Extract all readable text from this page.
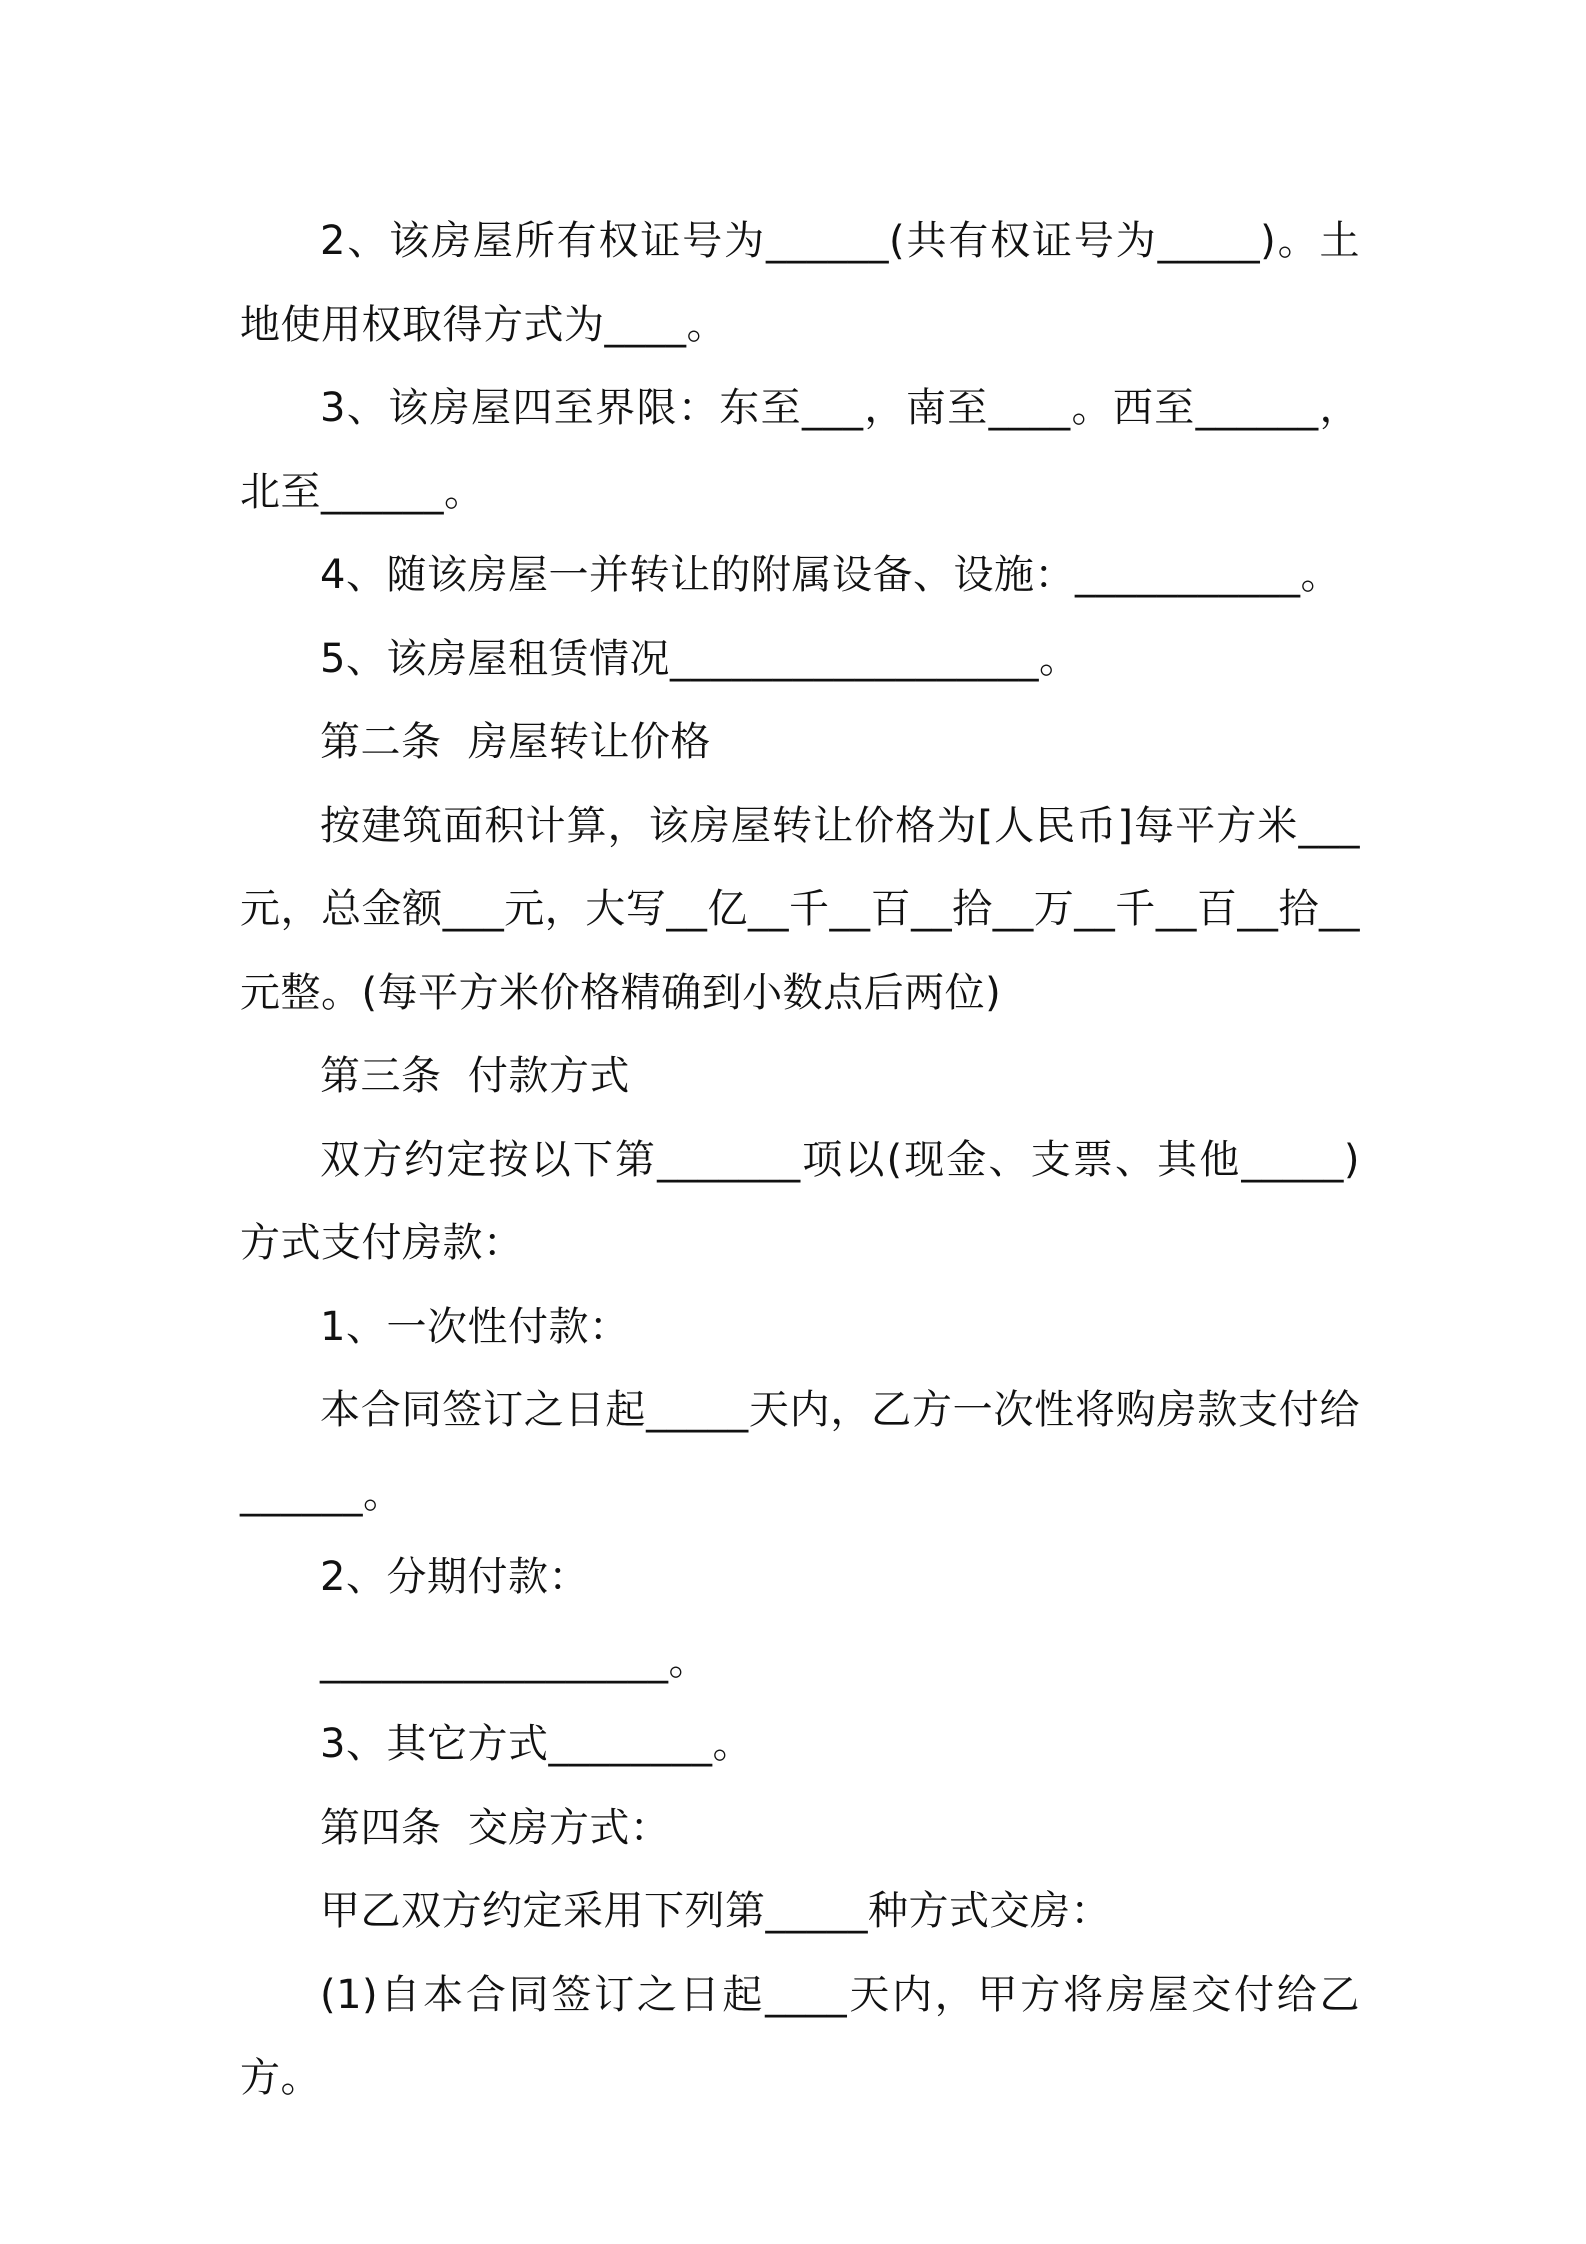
2、该房屋所有权证号为______(共有权证号为_____)。土地使用权取得方式为____。

3、该房屋四至界限：东至___，南至____。西至______，北至______。

4、随该房屋一并转让的附属设备、设施：___________。

5、该房屋租赁情况__________________。

第二条  房屋转让价格

按建筑面积计算，该房屋转让价格为[人民币]每平方米___元，总金额___元，大写__亿__千__百__拾__万__千__百__拾__元整。(每平方米价格精确到小数点后两位)

第三条  付款方式

双方约定按以下第_______项以(现金、支票、其他_____)方式支付房款：

1、一次性付款：

本合同签订之日起_____天内，乙方一次性将购房款支付给______。

2、分期付款：

_________________。

3、其它方式________。

第四条  交房方式：

甲乙双方约定采用下列第_____种方式交房：

(1)自本合同签订之日起____天内，甲方将房屋交付给乙方。
